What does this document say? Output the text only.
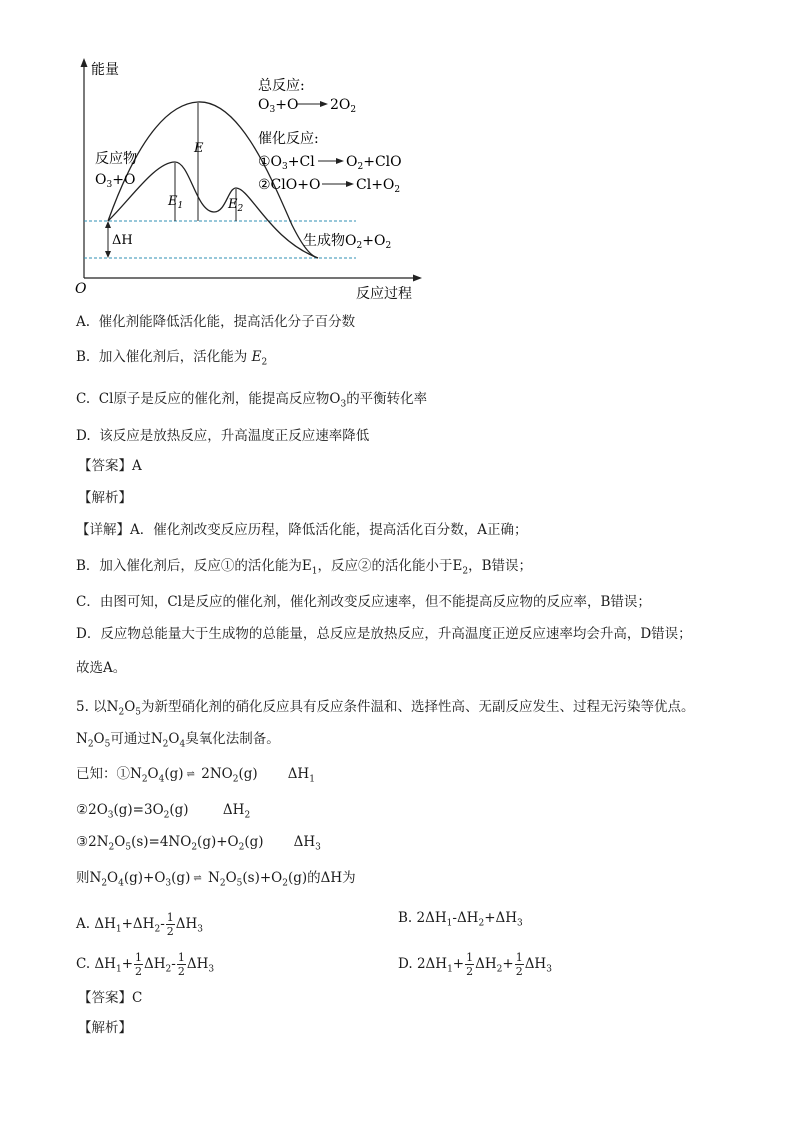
能量
反应过程
O
E
$E_1$	$E_2$
ΔH
反应物
$O_3+O$
生成物$O_2+O_2$
总反应:
$O_3+O$ $2O_2$
催化反应:
$①O_3+Cl$ $O_2+ClO$
②ClO+O	$Cl+O_2$
A. 催化剂能降低活化能，提高活化分子百分数
B. 加入催化剂后，活化能为 $E_2$
C. Cl原子是反应的催化剂，能提高反应物$O_3$的平衡转化率
D. 该反应是放热反应，升高温度正反应速率降低
【答案】A
【解析】
【详解】A．催化剂改变反应历程，降低活化能，提高活化百分数，A正确；
B．加入催化剂后，反应①的活化能为$E_1$，反应②的活化能小于$E_2$，B错误；
C．由图可知，Cl是反应的催化剂，催化剂改变反应速率，但不能提高反应物的反应率，B错误；
D．反应物总能量大于生成物的总能量，总反应是放热反应，升高温度正逆反应速率均会升高，D错误；
故选A。
5. 以$N_2O_5$为新型硝化剂的硝化反应具有反应条件温和、选择性高、无副反应发生、过程无污染等优点。
$N_2O_5$可通过$N_2O_4$臭氧化法制备。
已知：$①N_2O_4(g)$ ⇌ $2NO_2(g)$ $\Delta H_1$
$②2O_3(g)=3O_2(g)$	$\Delta H_2$
$③2N_2O_5(s)=4NO_2(g)+O_2(g)$ $\Delta H_3$
则$N_2O_4(g)+O_3(g)$ ⇌ $N_2O_5(s)+O_2(g)$的ΔH为
A. $\Delta H_1+\Delta H_2- \frac{1}{2} \Delta H_3$
B. $2\Delta H_1-\Delta H_2+\Delta H_3$
C. $\Delta H_1+ \frac{1}{2} \Delta H_2- \frac{1}{2} \Delta H_3$	D. $2\Delta H_1+ \frac{1}{2} \Delta H_2+ \frac{1}{2} \Delta H_3$
【答案】C
【解析】
